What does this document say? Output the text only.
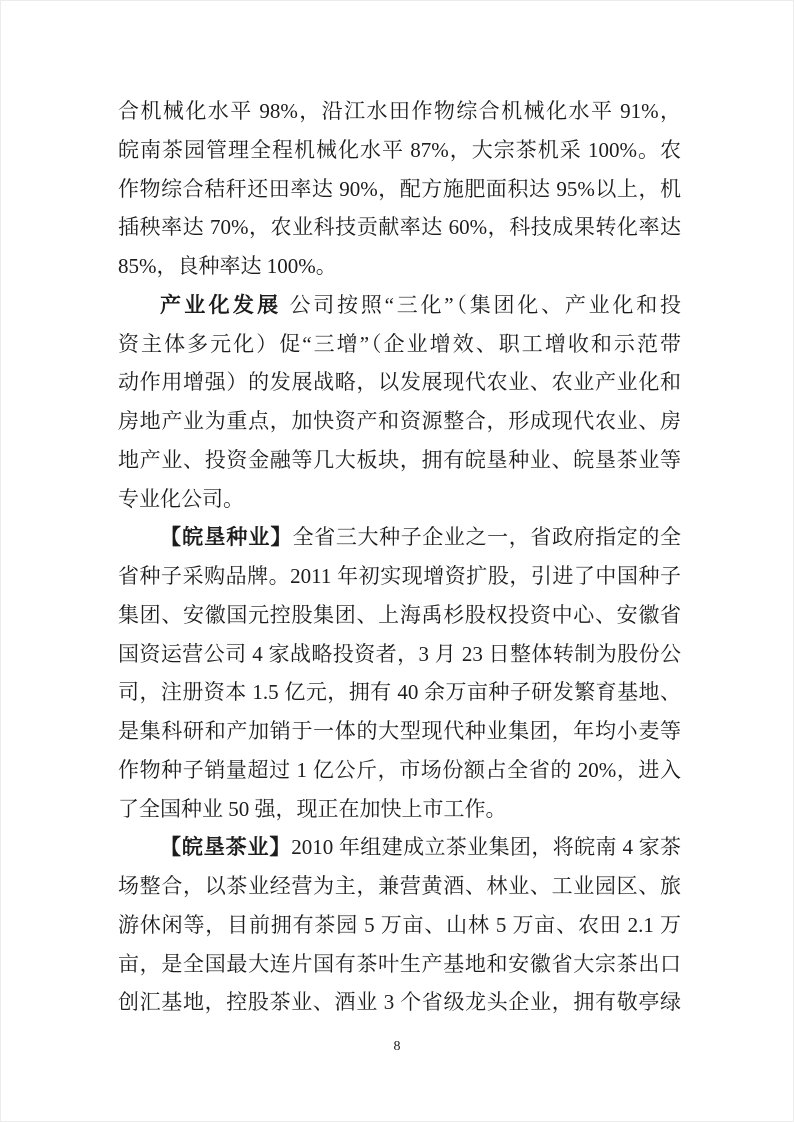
合机械化水平 98%，沿江水田作物综合机械化水平 91%，
皖南茶园管理全程机械化水平 87%，大宗茶机采 100%。农
作物综合秸秆还田率达 90%，配方施肥面积达 95%以上，机
插秧率达 70%，农业科技贡献率达 60%，科技成果转化率达
85%，良种率达 100%。
产业化发展 公司按照“三化”（集团化、产业化和投
资主体多元化）促“三增”（企业增效、职工增收和示范带
动作用增强）的发展战略，以发展现代农业、农业产业化和
房地产业为重点，加快资产和资源整合，形成现代农业、房
地产业、投资金融等几大板块，拥有皖垦种业、皖垦茶业等
专业化公司。
【皖垦种业】全省三大种子企业之一，省政府指定的全
省种子采购品牌。2011 年初实现增资扩股，引进了中国种子
集团、安徽国元控股集团、上海禹杉股权投资中心、安徽省
国资运营公司 4 家战略投资者，3 月 23 日整体转制为股份公
司，注册资本 1.5 亿元，拥有 40 余万亩种子研发繁育基地、
是集科研和产加销于一体的大型现代种业集团，年均小麦等
作物种子销量超过 1 亿公斤，市场份额占全省的 20%，进入
了全国种业 50 强，现正在加快上市工作。
【皖垦茶业】2010 年组建成立茶业集团，将皖南 4 家茶
场整合，以茶业经营为主，兼营黄酒、林业、工业园区、旅
游休闲等，目前拥有茶园 5 万亩、山林 5 万亩、农田 2.1 万
亩，是全国最大连片国有茶叶生产基地和安徽省大宗茶出口
创汇基地，控股茶业、酒业 3 个省级龙头企业，拥有敬亭绿
8
